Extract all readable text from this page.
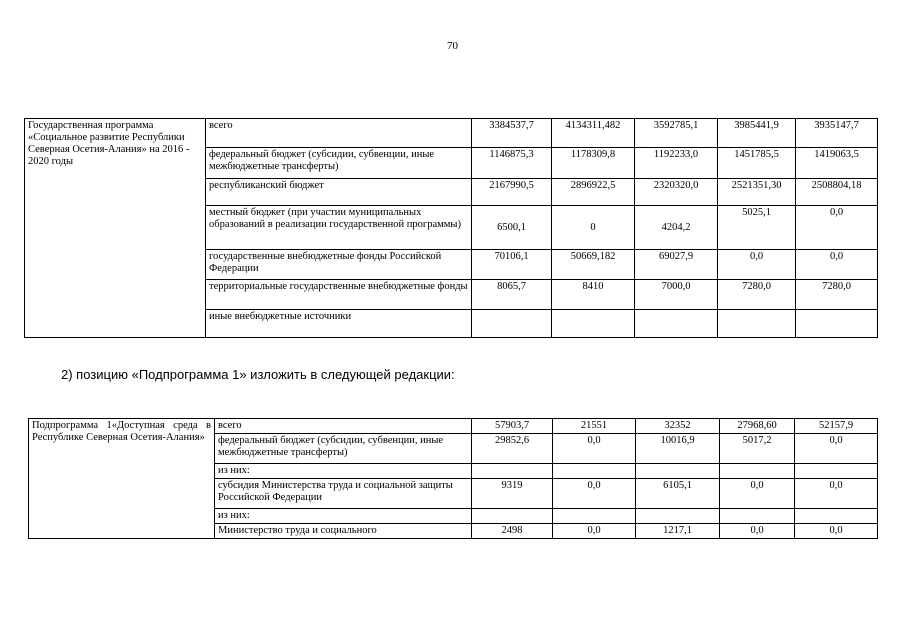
70
Государственная программа «Социальное развитие Республики Северная Осетия-Алания» на 2016 - 2020 годы	всего	3384537,7	4134311,482	3592785,1	3985441,9	3935147,7
	федеральный бюджет (субсидии, субвенции, иные межбюджетные трансферты)	1146875,3	1178309,8	1192233,0	1451785,5	1419063,5
	республиканский бюджет	2167990,5	2896922,5	2320320,0	2521351,30	2508804,18
	местный бюджет (при участии муниципальных образований в реализации государственной программы)	6500,1	0	4204,2	5025,1	0,0
	государственные внебюджетные фонды Российской Федерации	70106,1	50669,182	69027,9	0,0	0,0
	территориальные государственные внебюджетные фонды	8065,7	8410	7000,0	7280,0	7280,0
	иные внебюджетные источники					
2) позицию «Подпрограмма 1» изложить в следующей редакции:
Подпрограмма 1«Доступная среда в Республике Северная Осетия-Алания»	всего	57903,7	21551	32352	27968,60	52157,9
	федеральный бюджет (субсидии, субвенции, иные межбюджетные трансферты)	29852,6	0,0	10016,9	5017,2	0,0
	из них:					
	субсидия Министерства труда и социальной защиты Российской Федерации	9319	0,0	6105,1	0,0	0,0
	из них:					
	Министерство труда и социального	2498	0,0	1217,1	0,0	0,0
